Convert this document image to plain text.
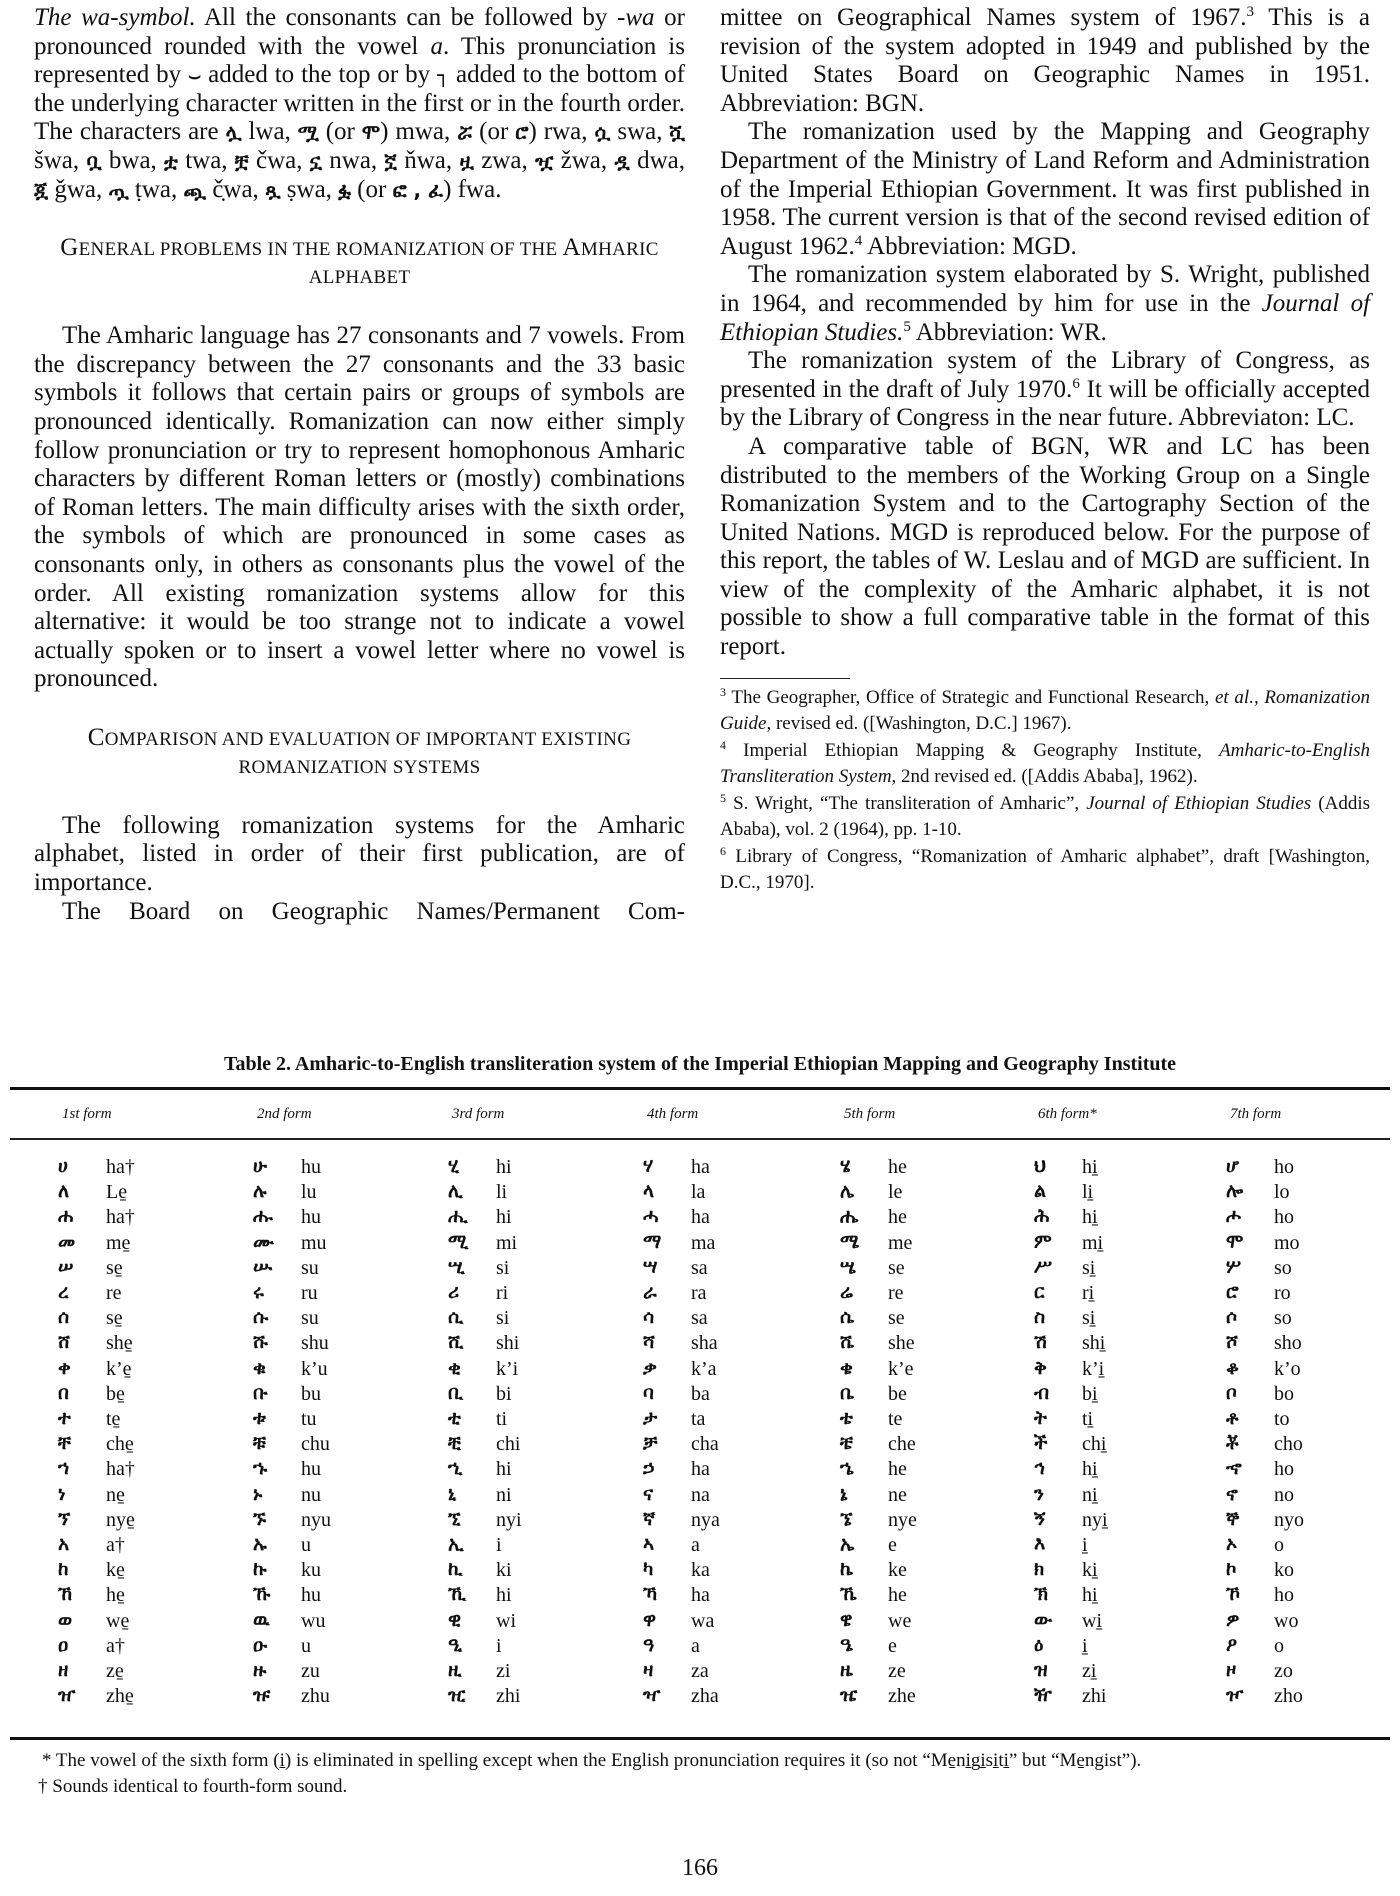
The wa-symbol. All the consonants can be followed by -wa or pronounced rounded with the vowel a. This pronunciation is represented by ⌣ added to the top or by ┐ added to the bottom of the underlying character written in the first or in the fourth order. The characters are ሏ lwa, ሟ (or ሞ) mwa, ሯ (or ሮ) rwa, ሷ swa, ሿ šwa, ቧ bwa, ቷ twa, ቿ čwa, ኗ nwa, ኟ ňwa, ዟ zwa, ዧ žwa, ዷ dwa, ጇ ǧwa, ጧ ṭwa, ጯ č̣wa, ጿ ṣwa, ፏ (or ፎ , ፈ) fwa.

GENERAL PROBLEMS IN THE ROMANIZATION OF THE AMHARIC
ALPHABET

The Amharic language has 27 consonants and 7 vowels. From the discrepancy between the 27 consonants and the 33 basic symbols it follows that certain pairs or groups of symbols are pronounced identically. Romanization can now either simply follow pronunciation or try to represent homophonous Amharic characters by different Roman letters or (mostly) combinations of Roman letters. The main difficulty arises with the sixth order, the symbols of which are pronounced in some cases as consonants only, in others as consonants plus the vowel of the order. All existing romanization systems allow for this alternative: it would be too strange not to indicate a vowel actually spoken or to insert a vowel letter where no vowel is pronounced.

COMPARISON AND EVALUATION OF IMPORTANT EXISTING
ROMANIZATION SYSTEMS

The following romanization systems for the Amharic alphabet, listed in order of their first publication, are of importance.

The Board on Geographic Names/Permanent Com-

mittee on Geographical Names system of 1967.$^3$ This is a revision of the system adopted in 1949 and published by the United States Board on Geographic Names in 1951. Abbreviation: BGN.

The romanization used by the Mapping and Geography Department of the Ministry of Land Reform and Administration of the Imperial Ethiopian Government. It was first published in 1958. The current version is that of the second revised edition of August 1962.$^4$ Abbreviation: MGD.

The romanization system elaborated by S. Wright, published in 1964, and recommended by him for use in the Journal of Ethiopian Studies.$^5$ Abbreviation: WR.

The romanization system of the Library of Congress, as presented in the draft of July 1970.$^6$ It will be officially accepted by the Library of Congress in the near future. Abbreviaton: LC.

A comparative table of BGN, WR and LC has been distributed to the members of the Working Group on a Single Romanization System and to the Cartography Section of the United Nations. MGD is reproduced below. For the purpose of this report, the tables of W. Leslau and of MGD are sufficient. In view of the complexity of the Amharic alphabet, it is not possible to show a full comparative table in the format of this report.

$^3$ The Geographer, Office of Strategic and Functional Research, et al., Romanization Guide, revised ed. ([Washington, D.C.] 1967).

$^4$ Imperial Ethiopian Mapping & Geography Institute, Amharic-to-English Transliteration System, 2nd revised ed. ([Addis Ababa], 1962).

$^5$ S. Wright, “The transliteration of Amharic”, Journal of Ethiopian Studies (Addis Ababa), vol. 2 (1964), pp. 1-10.

$^6$ Library of Congress, “Romanization of Amharic alphabet”, draft [Washington, D.C., 1970].

Table 2. Amharic-to-English transliteration system of the Imperial Ethiopian Mapping and Geography Institute
1st form	2nd form	3rd form	4th form	5th form	6th form*	7th form
ሀ ha†	ሁ hu	ሂ hi	ሃ ha	ሄ he	ህ hi̱	ሆ ho
ለ Le̱	ሉ lu	ሊ li	ላ la	ሌ le	ል li̱	ሎ lo
ሐ ha†	ሑ hu	ሒ hi	ሓ ha	ሔ he	ሕ hi̱	ሖ ho
መ me̱	ሙ mu	ሚ mi	ማ ma	ሜ me	ም mi̱	ሞ mo
ሠ se̱	ሡ su	ሢ si	ሣ sa	ሤ se	ሥ si̱	ሦ so
ረ re	ሩ ru	ሪ ri	ራ ra	ሬ re	ር ri̱	ሮ ro
ሰ se̱	ሱ su	ሲ si	ሳ sa	ሴ se	ስ si̱	ሶ so
ሸ she̱	ሹ shu	ሺ shi	ሻ sha	ሼ she	ሽ shi̱	ሾ sho
ቀ k’e̱	ቁ k’u	ቂ k’i	ቃ k’a	ቄ k’e	ቅ k’i̱	ቆ k’o
በ be̱	ቡ bu	ቢ bi	ባ ba	ቤ be	ብ bi̱	ቦ bo
ተ te̱	ቱ tu	ቲ ti	ታ ta	ቴ te	ት ti̱	ቶ to
ቸ che̱	ቹ chu	ቺ chi	ቻ cha	ቼ che	ች chi̱	ቾ cho
ኀ ha†	ኁ hu	ኂ hi	ኃ ha	ኄ he	ኅ hi̱	ኆ ho
ነ ne̱	ኑ nu	ኒ ni	ና na	ኔ ne	ን ni̱	ኖ no
ኘ nye̱	ኙ nyu	ኚ nyi	ኛ nya	ኜ nye	ኝ nyi̱	ኞ nyo
አ a†	ኡ u	ኢ i	ኣ a	ኤ e	እ i̱	ኦ o
ከ ke̱	ኩ ku	ኪ ki	ካ ka	ኬ ke	ክ ki̱	ኮ ko
ኸ he̱	ኹ hu	ኺ hi	ኻ ha	ኼ he	ኽ hi̱	ኾ ho
ወ we̱	ዉ wu	ዊ wi	ዋ wa	ዌ we	ው wi̱	ዎ wo
ዐ a†	ዑ u	ዒ i	ዓ a	ዔ e	ዕ i̱	ዖ o
ዘ ze̱	ዙ zu	ዚ zi	ዛ za	ዜ ze	ዝ zi̱	ዞ zo
ዠ zhe̱	ዡ zhu	ዢ zhi	ዣ zha	ዤ zhe	ዥ zhi	ዦ zho

* The vowel of the sixth form (i̱) is eliminated in spelling except when the English pronunciation requires it (so not “Me̱ni̱gi̱si̱ti̱” but “Me̱ngist”).

† Sounds identical to fourth-form sound.

166
